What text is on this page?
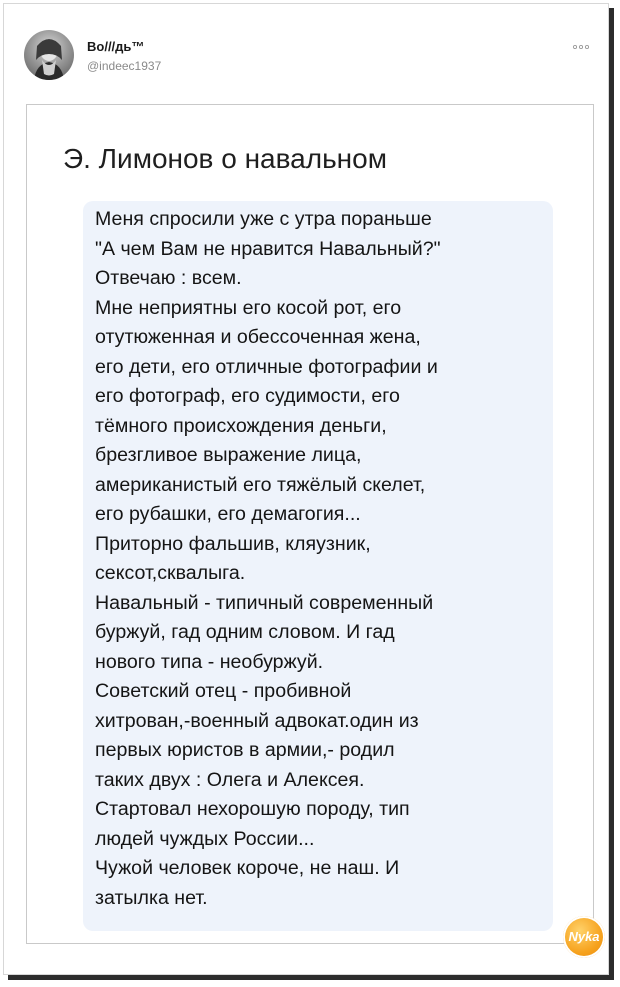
Во///дь™
@indeec1937
Э. Лимонов о навальном
Меня спросили уже с утра пораньше
"А чем Вам не нравится Навальный?"
Отвечаю : всем.
Мне неприятны его косой рот, его
отутюженная и обессоченная жена,
его дети, его отличные фотографии и
его фотограф, его судимости, его
тёмного происхождения деньги,
брезгливое выражение лица,
американистый его тяжёлый скелет,
его рубашки, его демагогия...
Приторно фальшив, кляузник,
сексот,сквалыга.
Навальный - типичный современный
буржуй, гад одним словом. И гад
нового типа - необуржуй.
Советский отец - пробивной
хитрован,-военный адвокат.один из
первых юристов в армии,- родил
таких двух : Олега и Алексея.
Стартовал нехорошую породу, тип
людей чуждых России...
Чужой человек короче, не наш. И
затылка нет.
Nyka
